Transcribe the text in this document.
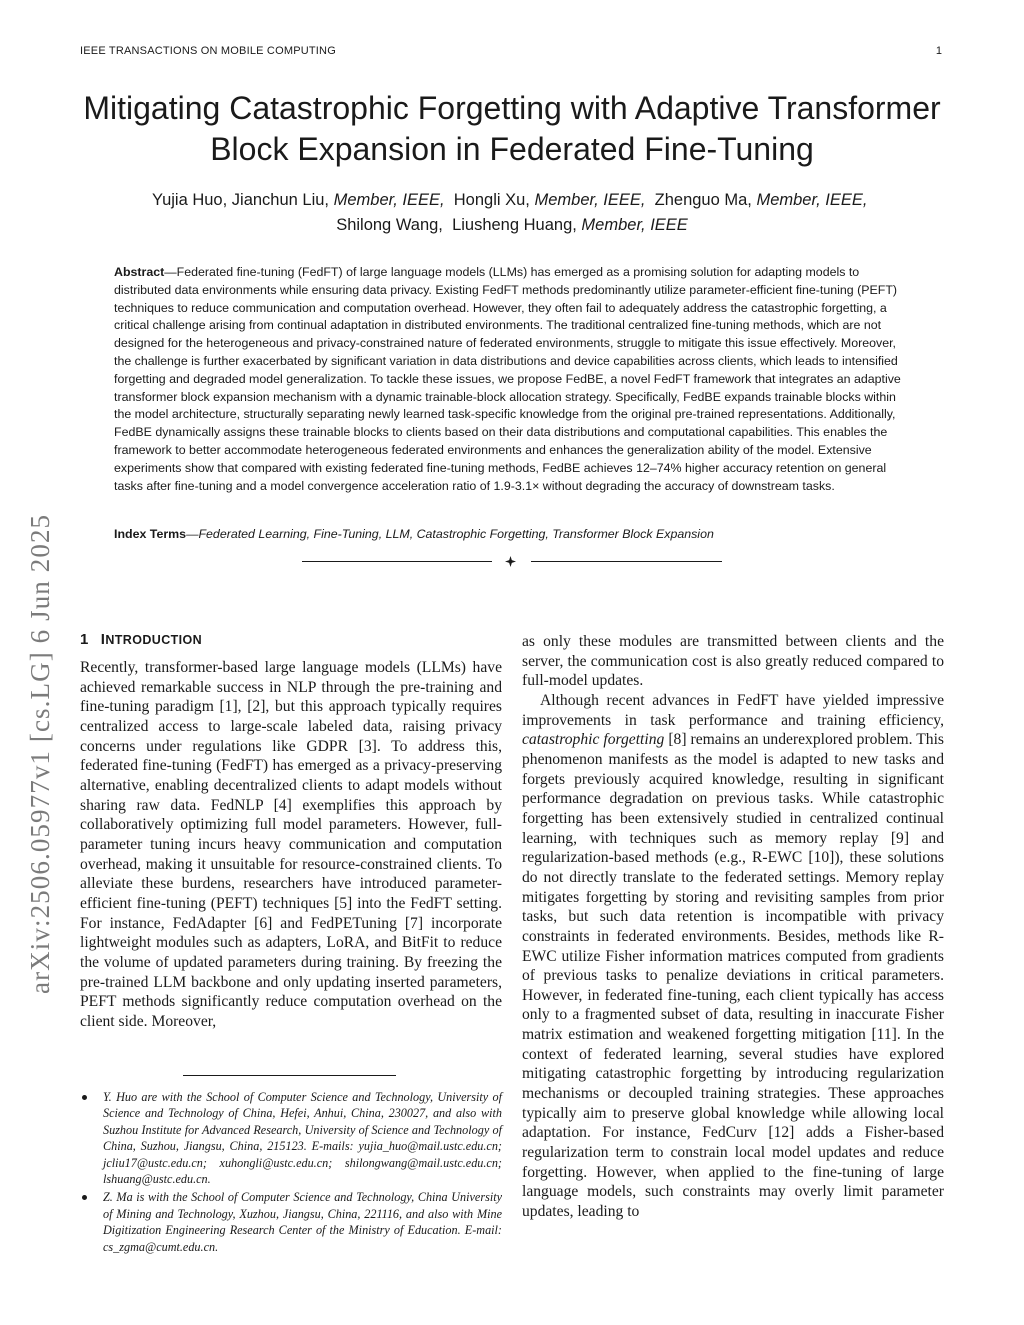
IEEE TRANSACTIONS ON MOBILE COMPUTING	1
arXiv:2506.05977v1 [cs.LG] 6 Jun 2025
Mitigating Catastrophic Forgetting with Adaptive Transformer Block Expansion in Federated Fine-Tuning
Yujia Huo, Jianchun Liu, Member, IEEE, Hongli Xu, Member, IEEE, Zhenguo Ma, Member, IEEE,  Shilong Wang, Liusheng Huang, Member, IEEE

Abstract—Federated fine-tuning (FedFT) of large language models (LLMs) has emerged as a promising solution for adapting models to distributed data environments while ensuring data privacy. Existing FedFT methods predominantly utilize parameter-efficient fine-tuning (PEFT) techniques to reduce communication and computation overhead. However, they often fail to adequately address the catastrophic forgetting, a critical challenge arising from continual adaptation in distributed environments. The traditional centralized fine-tuning methods, which are not designed for the heterogeneous and privacy-constrained nature of federated environments, struggle to mitigate this issue effectively. Moreover, the challenge is further exacerbated by significant variation in data distributions and device capabilities across clients, which leads to intensified forgetting and degraded model generalization. To tackle these issues, we propose FedBE, a novel FedFT framework that integrates an adaptive transformer block expansion mechanism with a dynamic trainable-block allocation strategy. Specifically, FedBE expands trainable blocks within the model architecture, structurally separating newly learned task-specific knowledge from the original pre-trained representations. Additionally, FedBE dynamically assigns these trainable blocks to clients based on their data distributions and computational capabilities. This enables the framework to better accommodate heterogeneous federated environments and enhances the generalization ability of the model. Extensive experiments show that compared with existing federated fine-tuning methods, FedBE achieves 12–74% higher accuracy retention on general tasks after fine-tuning and a model convergence acceleration ratio of 1.9-3.1× without degrading the accuracy of downstream tasks.

Index Terms—Federated Learning, Fine-Tuning, LLM, Catastrophic Forgetting, Transformer Block Expansion

1 INTRODUCTION

Recently, transformer-based large language models (LLMs) have achieved remarkable success in NLP through the pre-training and fine-tuning paradigm [1], [2], but this approach typically requires centralized access to large-scale labeled data, raising privacy concerns under regulations like GDPR [3]. To address this, federated fine-tuning (FedFT) has emerged as a privacy-preserving alternative, enabling decentralized clients to adapt models without sharing raw data. FedNLP [4] exemplifies this approach by collaboratively optimizing full model parameters. However, full-parameter tuning incurs heavy communication and computation overhead, making it unsuitable for resource-constrained clients. To alleviate these burdens, researchers have introduced parameter-efficient fine-tuning (PEFT) techniques [5] into the FedFT setting. For instance, FedAdapter [6] and FedPETuning [7] incorporate lightweight modules such as adapters, LoRA, and BitFit to reduce the volume of updated parameters during training. By freezing the pre-trained LLM backbone and only updating inserted parameters, PEFT methods significantly reduce computation overhead on the client side. Moreover,

Y. Huo are with the School of Computer Science and Technology, University of Science and Technology of China, Hefei, Anhui, China, 230027, and also with Suzhou Institute for Advanced Research, University of Science and Technology of China, Suzhou, Jiangsu, China, 215123. E-mails: yujia_huo@mail.ustc.edu.cn; jcliu17@ustc.edu.cn; xuhongli@ustc.edu.cn; shilongwang@mail.ustc.edu.cn; lshuang@ustc.edu.cn.
Z. Ma is with the School of Computer Science and Technology, China University of Mining and Technology, Xuzhou, Jiangsu, China, 221116, and also with Mine Digitization Engineering Research Center of the Ministry of Education. E-mail: cs_zgma@cumt.edu.cn.

as only these modules are transmitted between clients and the server, the communication cost is also greatly reduced compared to full-model updates.

Although recent advances in FedFT have yielded impressive improvements in task performance and training efficiency, catastrophic forgetting [8] remains an underexplored problem. This phenomenon manifests as the model is adapted to new tasks and forgets previously acquired knowledge, resulting in significant performance degradation on previous tasks. While catastrophic forgetting has been extensively studied in centralized continual learning, with techniques such as memory replay [9] and regularization-based methods (e.g., R-EWC [10]), these solutions do not directly translate to the federated settings. Memory replay mitigates forgetting by storing and revisiting samples from prior tasks, but such data retention is incompatible with privacy constraints in federated environments. Besides, methods like R-EWC utilize Fisher information matrices computed from gradients of previous tasks to penalize deviations in critical parameters. However, in federated fine-tuning, each client typically has access only to a fragmented subset of data, resulting in inaccurate Fisher matrix estimation and weakened forgetting mitigation [11]. In the context of federated learning, several studies have explored mitigating catastrophic forgetting by introducing regularization mechanisms or decoupled training strategies. These approaches typically aim to preserve global knowledge while allowing local adaptation. For instance, FedCurv [12] adds a Fisher-based regularization term to constrain local model updates and reduce forgetting. However, when applied to the fine-tuning of large language models, such constraints may overly limit parameter updates, leading to
